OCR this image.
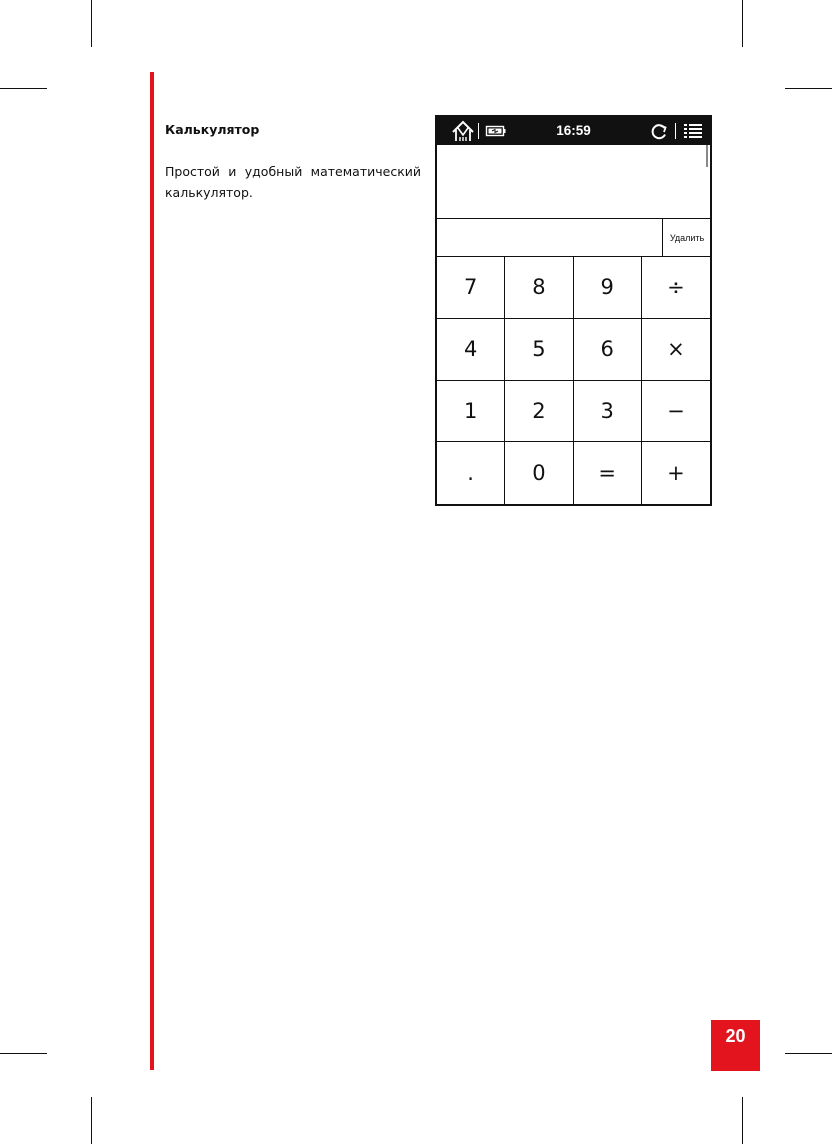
Калькулятор
Простой и удобный математический калькулятор.
16:59
Удалить
7	8	9	÷
4	5	6	×
1	2	3	−
.	0	=	+
20
